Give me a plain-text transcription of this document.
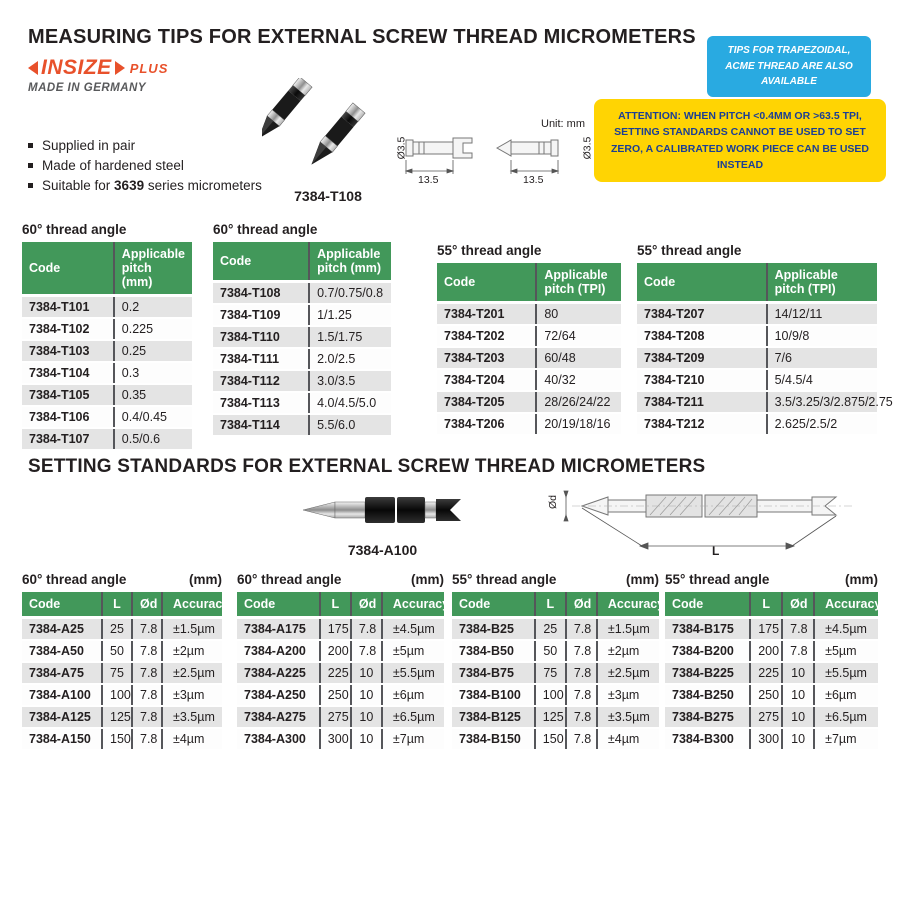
MEASURING TIPS FOR EXTERNAL SCREW THREAD MICROMETERS
INSIZE PLUS
MADE IN GERMANY
TIPS FOR TRAPEZOIDAL, ACME THREAD ARE ALSO AVAILABLE
ATTENTION: WHEN PITCH <0.4MM OR >63.5 TPI, SETTING STANDARDS CANNOT BE USED TO SET ZERO, A CALIBRATED WORK PIECE CAN BE USED INSTEAD
Supplied in pair
Made of hardened steel
Suitable for 3639 series micrometers
7384-T108
Unit: mm
Ø3.5	Ø3.5
13.5	13.5
60° thread angle
Code	Applicable pitch (mm)
7384-T101	0.2
7384-T102	0.225
7384-T103	0.25
7384-T104	0.3
7384-T105	0.35
7384-T106	0.4/0.45
7384-T107	0.5/0.6
60° thread angle
Code	Applicable pitch (mm)
7384-T108	0.7/0.75/0.8
7384-T109	1/1.25
7384-T110	1.5/1.75
7384-T111	2.0/2.5
7384-T112	3.0/3.5
7384-T113	4.0/4.5/5.0
7384-T114	5.5/6.0
55° thread angle
Code	Applicable pitch (TPI)
7384-T201	80
7384-T202	72/64
7384-T203	60/48
7384-T204	40/32
7384-T205	28/26/24/22
7384-T206	20/19/18/16
55° thread angle
Code	Applicable pitch (TPI)
7384-T207	14/12/11
7384-T208	10/9/8
7384-T209	7/6
7384-T210	5/4.5/4
7384-T211	3.5/3.25/3/2.875/2.75
7384-T212	2.625/2.5/2
SETTING STANDARDS FOR EXTERNAL SCREW THREAD MICROMETERS
7384-A100
Ød
L
60° thread angle	(mm)
Code	L	Ød	Accuracy
7384-A25	25	7.8	±1.5µm
7384-A50	50	7.8	±2µm
7384-A75	75	7.8	±2.5µm
7384-A100	100	7.8	±3µm
7384-A125	125	7.8	±3.5µm
7384-A150	150	7.8	±4µm
60° thread angle	(mm)
Code	L	Ød	Accuracy
7384-A175	175	7.8	±4.5µm
7384-A200	200	7.8	±5µm
7384-A225	225	10	±5.5µm
7384-A250	250	10	±6µm
7384-A275	275	10	±6.5µm
7384-A300	300	10	±7µm
55° thread angle	(mm)
Code	L	Ød	Accuracy
7384-B25	25	7.8	±1.5µm
7384-B50	50	7.8	±2µm
7384-B75	75	7.8	±2.5µm
7384-B100	100	7.8	±3µm
7384-B125	125	7.8	±3.5µm
7384-B150	150	7.8	±4µm
55° thread angle	(mm)
Code	L	Ød	Accuracy
7384-B175	175	7.8	±4.5µm
7384-B200	200	7.8	±5µm
7384-B225	225	10	±5.5µm
7384-B250	250	10	±6µm
7384-B275	275	10	±6.5µm
7384-B300	300	10	±7µm
